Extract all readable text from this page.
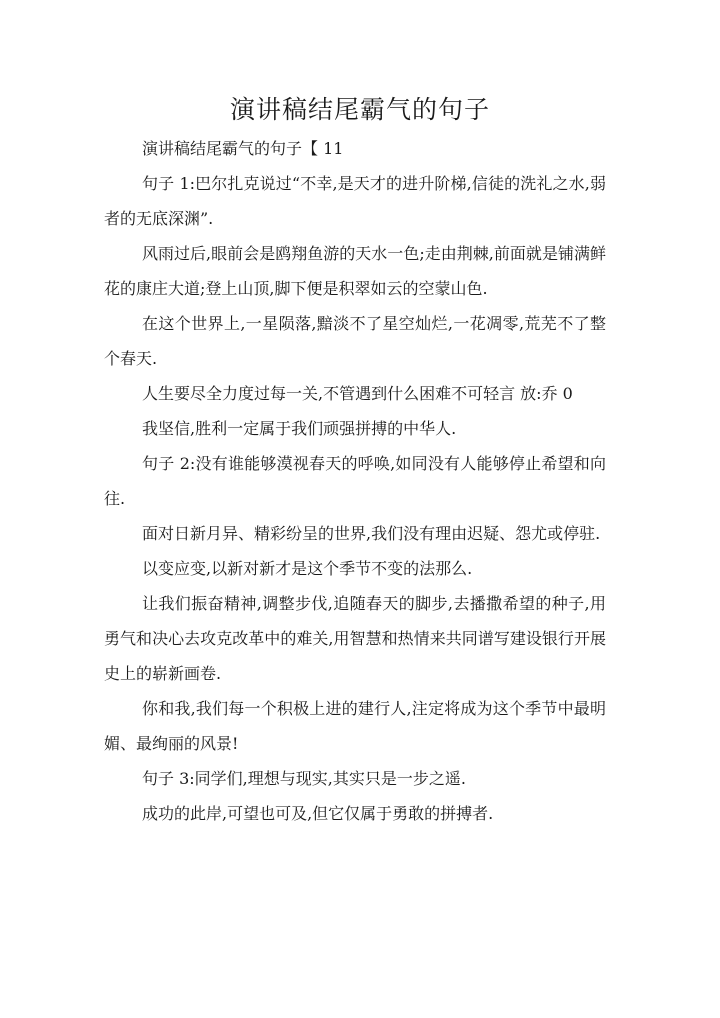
演讲稿结尾霸气的句子

演讲稿结尾霸气的句子【 11

句子 1:巴尔扎克说过“不幸,是天才的进升阶梯,信徒的洗礼之水,弱者的无底深渊”.

风雨过后,眼前会是鸥翔鱼游的天水一色;走由荆棘,前面就是铺满鲜花的康庄大道;登上山顶,脚下便是积翠如云的空蒙山色.

在这个世界上,一星陨落,黯淡不了星空灿烂,一花凋零,荒芜不了整个春天.

人生要尽全力度过每一关,不管遇到什么困难不可轻言 放:乔 0

我坚信,胜利一定属于我们顽强拼搏的中华人.

句子 2:没有谁能够漠视春天的呼唤,如同没有人能够停止希望和向往.

面对日新月异、精彩纷呈的世界,我们没有理由迟疑、怨尤或停驻.

以变应变,以新对新才是这个季节不变的法那么.

让我们振奋精神,调整步伐,追随春天的脚步,去播撒希望的种子,用勇气和决心去攻克改革中的难关,用智慧和热情来共同谱写建设银行开展史上的崭新画卷.

你和我,我们每一个积极上进的建行人,注定将成为这个季节中最明媚、最绚丽的风景!

句子 3:同学们,理想与现实,其实只是一步之遥.

成功的此岸,可望也可及,但它仅属于勇敢的拼搏者.
